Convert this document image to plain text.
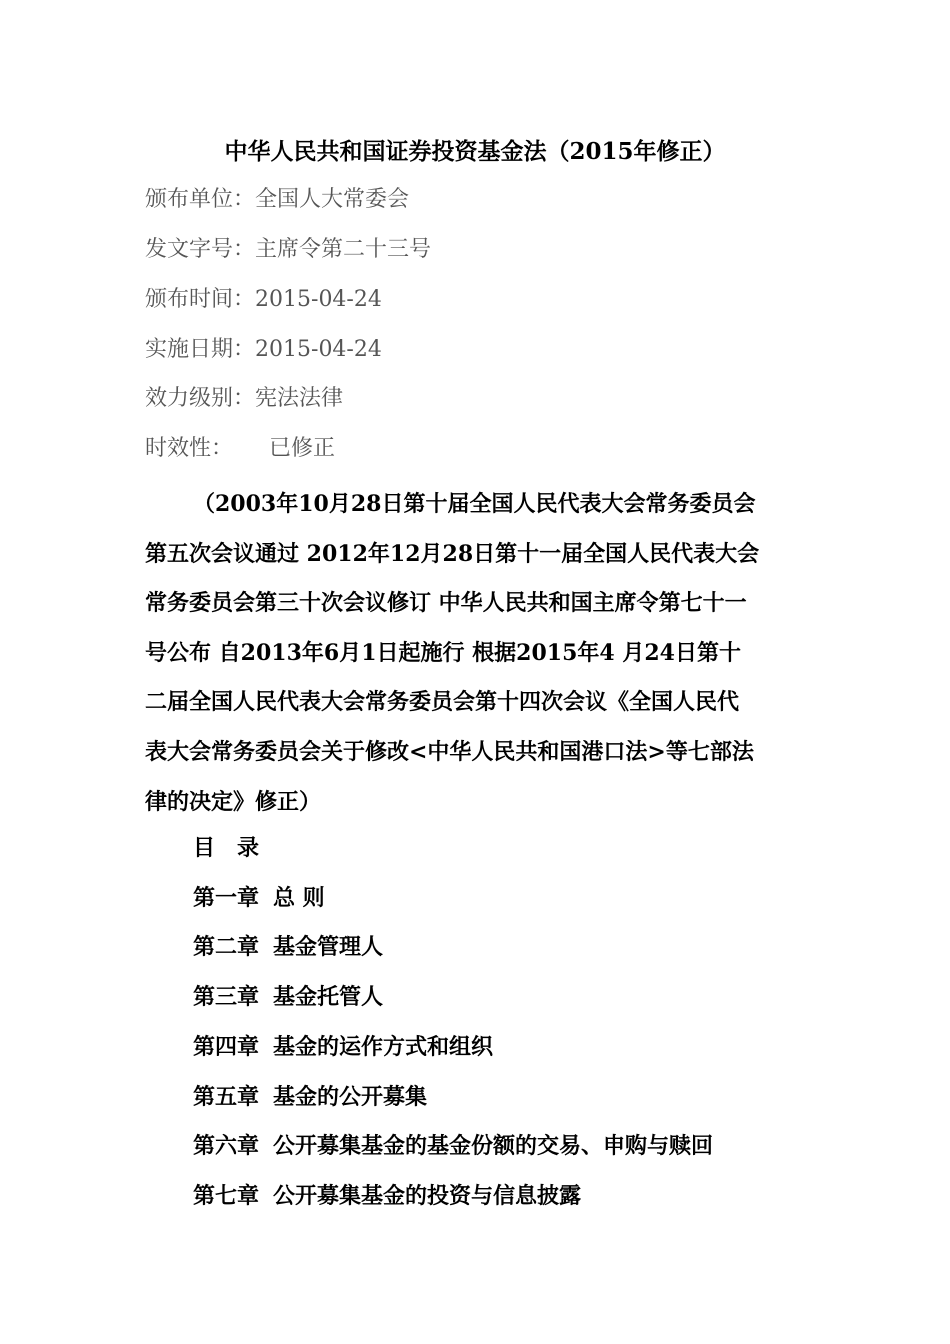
中华人民共和国证券投资基金法（2015年修正）
颁布单位：全国人大常委会
发文字号：主席令第二十三号
颁布时间：2015-04-24
实施日期：2015-04-24
效力级别：宪法法律
时效性： 已修正
（2003年10月28日第十届全国人民代表大会常务委员会
第五次会议通过 2012年12月28日第十一届全国人民代表大会
常务委员会第三十次会议修订 中华人民共和国主席令第七十一
号公布 自2013年6月1日起施行 根据2015年4 月24日第十
二届全国人民代表大会常务委员会第十四次会议《全国人民代
表大会常务委员会关于修改<中华人民共和国港口法>等七部法
律的决定》修正）
目　录
第一章 总 则
第二章 基金管理人
第三章 基金托管人
第四章 基金的运作方式和组织
第五章 基金的公开募集
第六章 公开募集基金的基金份额的交易、申购与赎回
第七章 公开募集基金的投资与信息披露
